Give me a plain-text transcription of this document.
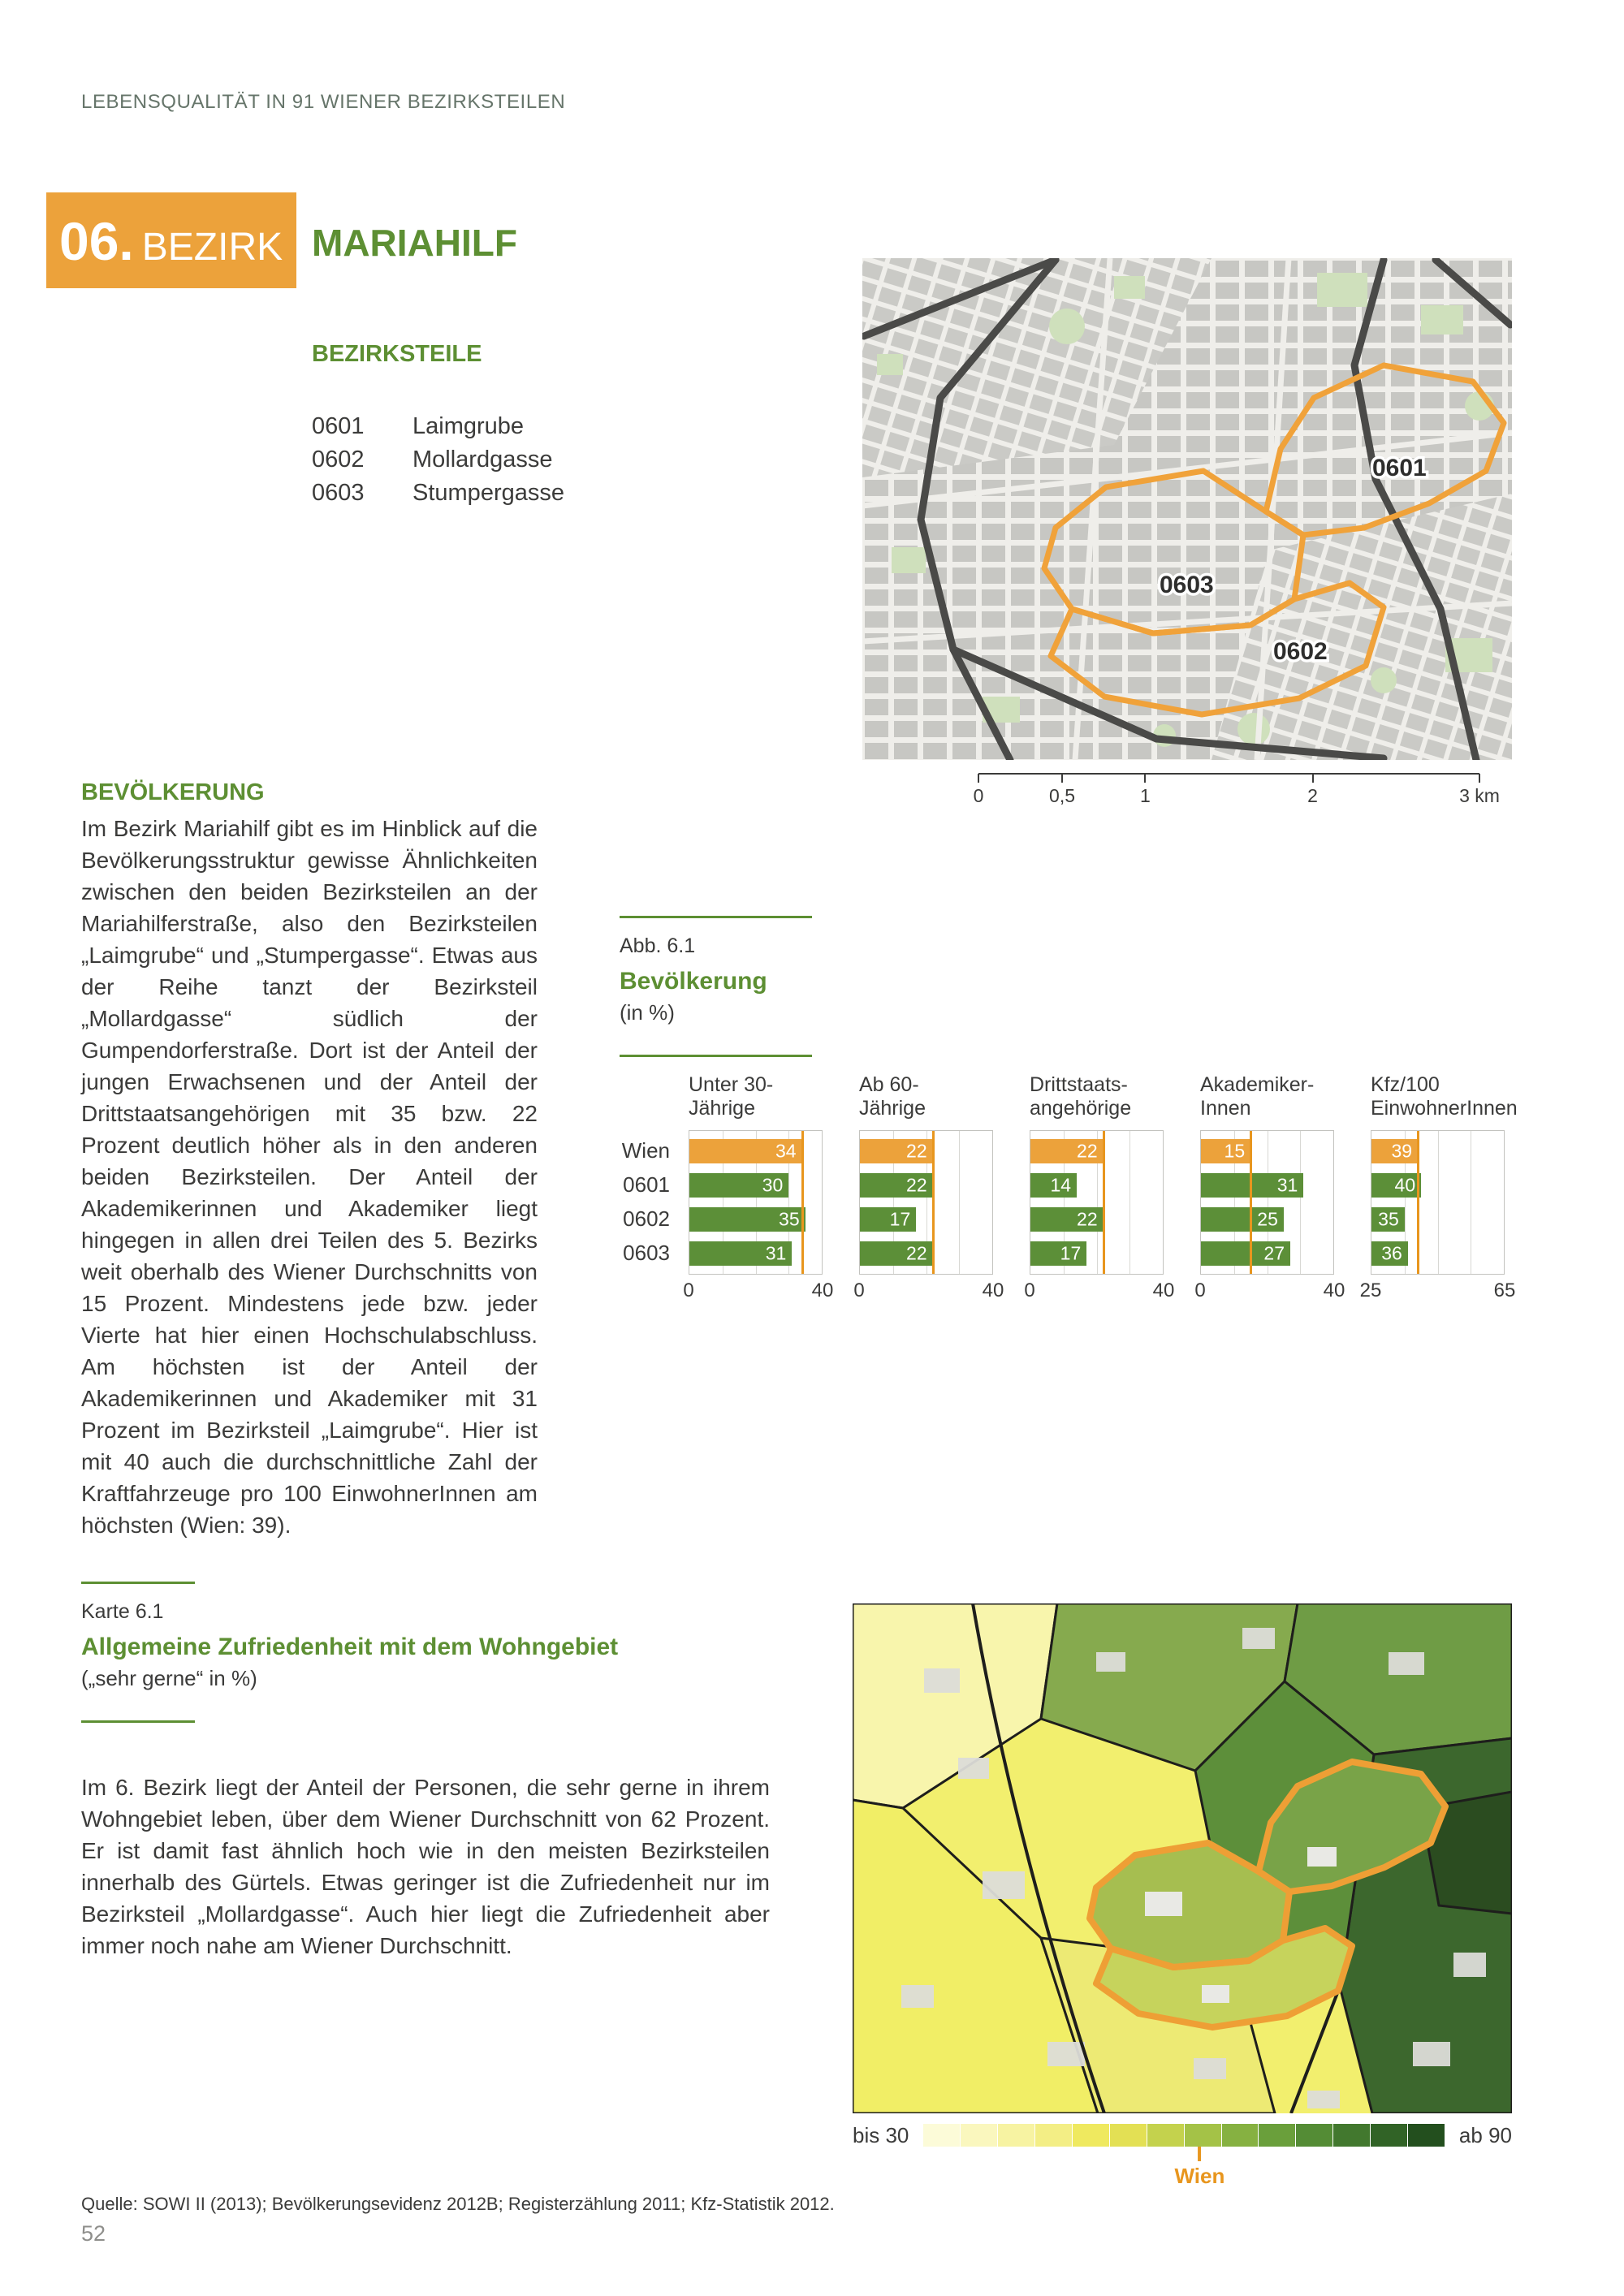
LEBENSQUALITÄT IN 91 WIENER BEZIRKSTEILEN
06. BEZIRK MARIAHILF
BEZIRKSTEILE
0601	Laimgrube
0602	Mollardgasse
0603	Stumpergasse
0601
0603
0602
0	0,5	1	2	3 km
BEVÖLKERUNG

Im Bezirk Mariahilf gibt es im Hinblick auf die Bevölkerungsstruktur gewisse Ähnlichkeiten zwischen den beiden Bezirksteilen an der Mariahilferstraße, also den Bezirksteilen „Laimgrube“ und „Stumpergasse“. Etwas aus der Reihe tanzt der Bezirksteil „Mollardgasse“ südlich der Gumpendorferstraße. Dort ist der Anteil der jungen Erwachsenen und der Anteil der Drittstaatsangehörigen mit 35 bzw. 22 Prozent deutlich höher als in den anderen beiden Bezirksteilen. Der Anteil der Akademikerinnen und Akademiker liegt hingegen in allen drei Teilen des 5. Bezirks weit oberhalb des Wiener Durchschnitts von 15 Prozent. Mindestens jede bzw. jeder Vierte hat hier einen Hochschulabschluss. Am höchsten ist der Anteil der Akademikerinnen und Akademiker mit 31 Prozent im Bezirksteil „Laimgrube“. Hier ist mit 40 auch die durchschnittliche Zahl der Kraftfahrzeuge pro 100 EinwohnerInnen am höchsten (Wien: 39).

Abb. 6.1
Bevölkerung
(in %)
Wien
0601
0602
0603
Unter 30-
Jährige
34
30
35
31
0	40
Ab 60-
Jährige
22
22
17
22
0	40
Drittstaats-
angehörige
22
14
22
17
0	40
Akademiker-
Innen
15
31
25
27
0	40
Kfz/100
EinwohnerInnen
39
40
35
36
25	65
Karte 6.1
Allgemeine Zufriedenheit mit dem Wohngebiet
(„sehr gerne“ in %)

Im 6. Bezirk liegt der Anteil der Personen, die sehr gerne in ihrem Wohngebiet leben, über dem Wiener Durchschnitt von 62 Prozent. Er ist damit fast ähnlich hoch wie in den meisten Bezirksteilen innerhalb des Gürtels. Etwas geringer ist die Zufriedenheit nur im Bezirksteil „Mollardgasse“. Auch hier liegt die Zufriedenheit aber immer noch nahe am Wiener Durchschnitt.

bis 30
Wien
ab 90
Quelle: SOWI II (2013); Bevölkerungsevidenz 2012B; Registerzählung 2011; Kfz-Statistik 2012.
52
